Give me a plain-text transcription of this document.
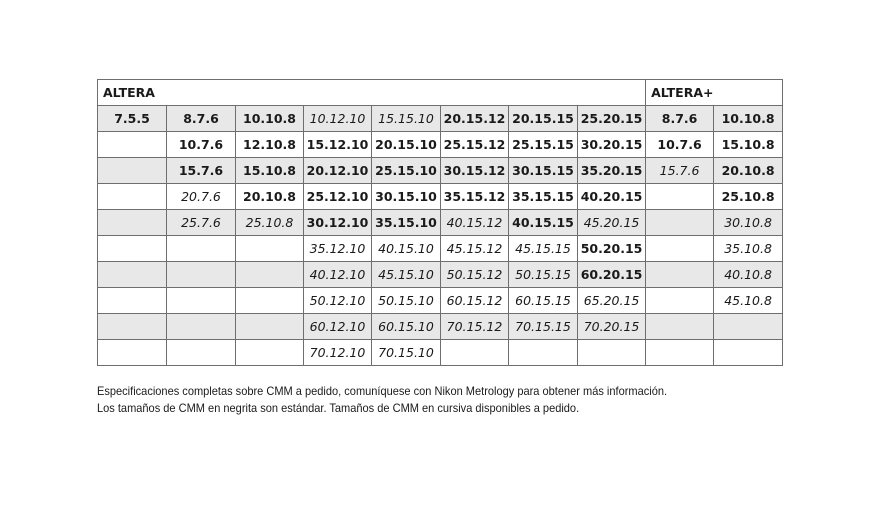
ALTERA								ALTERA+	
7.5.5	8.7.6	10.10.8	10.12.10	15.15.10	20.15.12	20.15.15	25.20.15	8.7.6	10.10.8
	10.7.6	12.10.8	15.12.10	20.15.10	25.15.12	25.15.15	30.20.15	10.7.6	15.10.8
	15.7.6	15.10.8	20.12.10	25.15.10	30.15.12	30.15.15	35.20.15	15.7.6	20.10.8
	20.7.6	20.10.8	25.12.10	30.15.10	35.15.12	35.15.15	40.20.15		25.10.8
	25.7.6	25.10.8	30.12.10	35.15.10	40.15.12	40.15.15	45.20.15		30.10.8
			35.12.10	40.15.10	45.15.12	45.15.15	50.20.15		35.10.8
			40.12.10	45.15.10	50.15.12	50.15.15	60.20.15		40.10.8
			50.12.10	50.15.10	60.15.12	60.15.15	65.20.15		45.10.8
			60.12.10	60.15.10	70.15.12	70.15.15	70.20.15		
			70.12.10	70.15.10					

Especificaciones completas sobre CMM a pedido, comuníquese con Nikon Metrology para obtener más información.

Los tamaños de CMM en negrita son estándar. Tamaños de CMM en cursiva disponibles a pedido.
